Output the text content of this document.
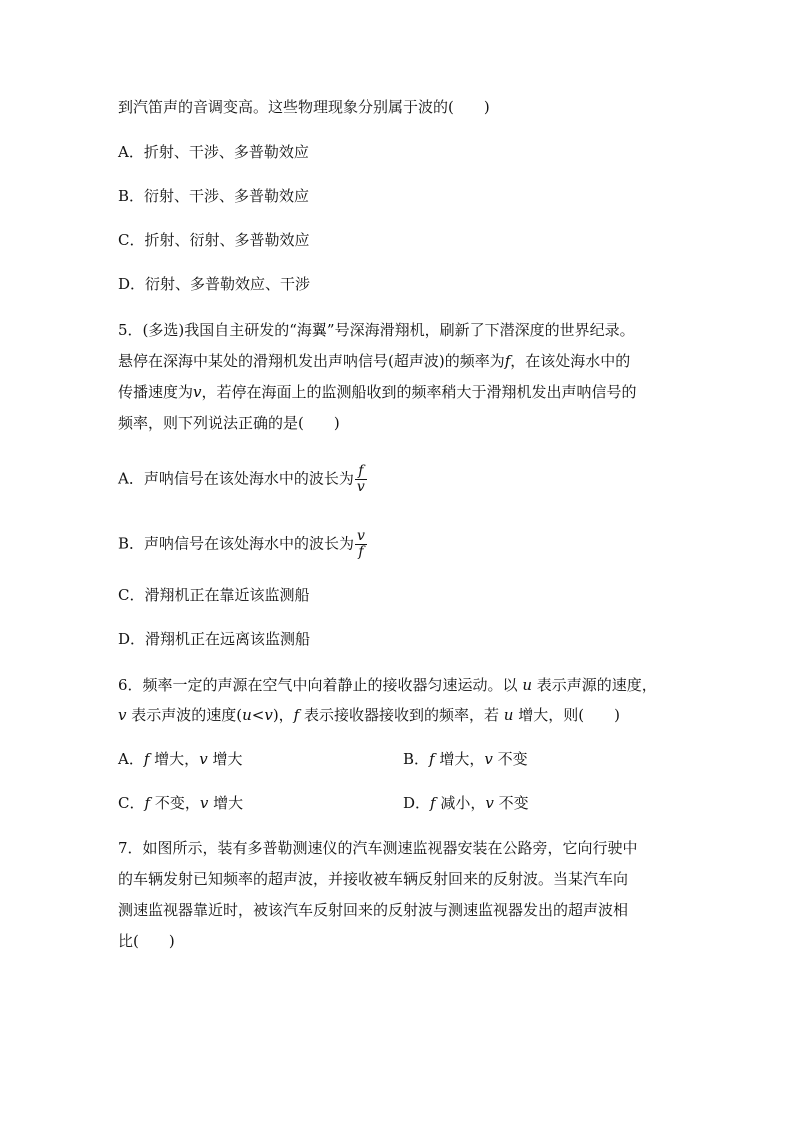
到汽笛声的音调变高。这些物理现象分别属于波的(　　)
A．折射、干涉、多普勒效应
B．衍射、干涉、多普勒效应
C．折射、衍射、多普勒效应
D．衍射、多普勒效应、干涉
5．(多选)我国自主研发的“海翼”号深海滑翔机，刷新了下潜深度的世界纪录。
悬停在深海中某处的滑翔机发出声呐信号(超声波)的频率为f，在该处海水中的
传播速度为v，若停在海面上的监测船收到的频率稍大于滑翔机发出声呐信号的
频率，则下列说法正确的是(　　)
A．声呐信号在该处海水中的波长为 $\frac{f}{v}$
B．声呐信号在该处海水中的波长为 $\frac{v}{f}$
C．滑翔机正在靠近该监测船
D．滑翔机正在远离该监测船
6．频率一定的声源在空气中向着静止的接收器匀速运动。以 u 表示声源的速度，
v 表示声波的速度(u<v)，f 表示接收器接收到的频率，若 u 增大，则(　　)
A．f 增大，v 增大	B．f 增大，v 不变
C．f 不变，v 增大	D．f 减小，v 不变
7．如图所示，装有多普勒测速仪的汽车测速监视器安装在公路旁，它向行驶中
的车辆发射已知频率的超声波，并接收被车辆反射回来的反射波。当某汽车向
测速监视器靠近时，被该汽车反射回来的反射波与测速监视器发出的超声波相
比(　　)
